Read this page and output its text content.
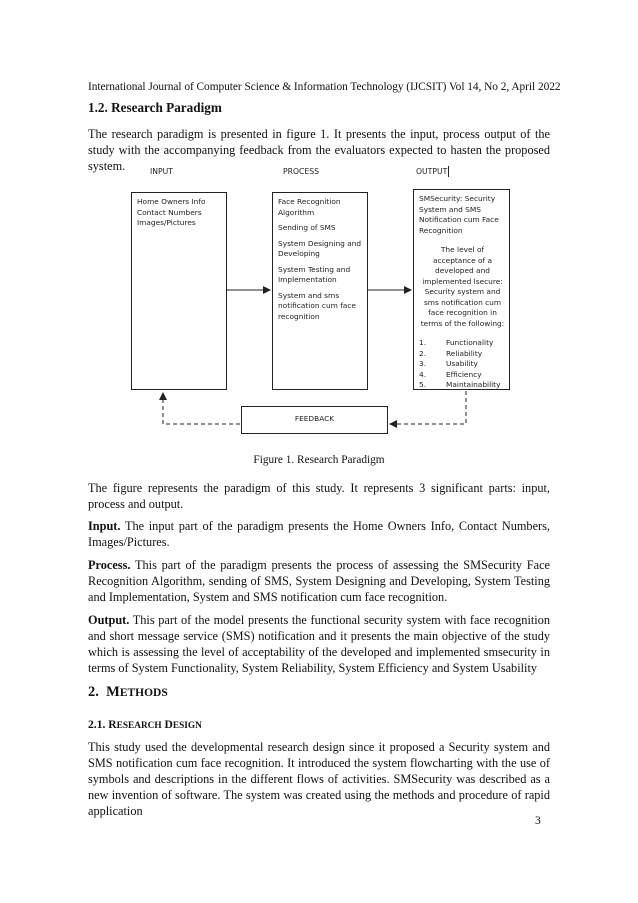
International Journal of Computer Science & Information Technology (IJCSIT) Vol 14, No 2, April 2022
1.2. Research Paradigm
The research paradigm is presented in figure 1. It presents the input, process output of the study with the accompanying feedback from the evaluators expected to hasten the proposed system.	INPUT	PROCESS	OUTPUT
Home Owners Info
Contact Numbers
Images/Pictures
Face Recognition Algorithm
Sending of SMS
System Designing and Developing
System Testing and Implementation
System and sms notification cum face recognition
SMSecurity: Security System and SMS Notification cum Face Recognition
The level of acceptance of a developed and implemented lsecure: Security system and sms notification cum face recognition in terms of the following:
1.	Functionality
2.	Reliability
3.	Usability
4.	Efficiency
5.	Maintainability
FEEDBACK
Figure 1. Research Paradigm
The figure represents the paradigm of this study. It represents 3 significant parts: input, process and output.
Input. The input part of the paradigm presents the Home Owners Info, Contact Numbers, Images/Pictures.
Process. This part of the paradigm presents the process of assessing the SMSecurity Face Recognition Algorithm, sending of SMS, System Designing and Developing, System Testing and Implementation, System and SMS notification cum face recognition.
Output. This part of the model presents the functional security system with face recognition and short message service (SMS) notification and it presents the main objective of the study which is assessing the level of acceptability of the developed and implemented smsecurity in terms of System Functionality, System Reliability, System Efficiency and System Usability
2. METHODS
2.1. RESEARCH DESIGN
This study used the developmental research design since it proposed a Security system and SMS notification cum face recognition. It introduced the system flowcharting with the use of symbols and descriptions in the different flows of activities. SMSecurity was described as a new invention of software. The system was created using the methods and procedure of rapid application
3
